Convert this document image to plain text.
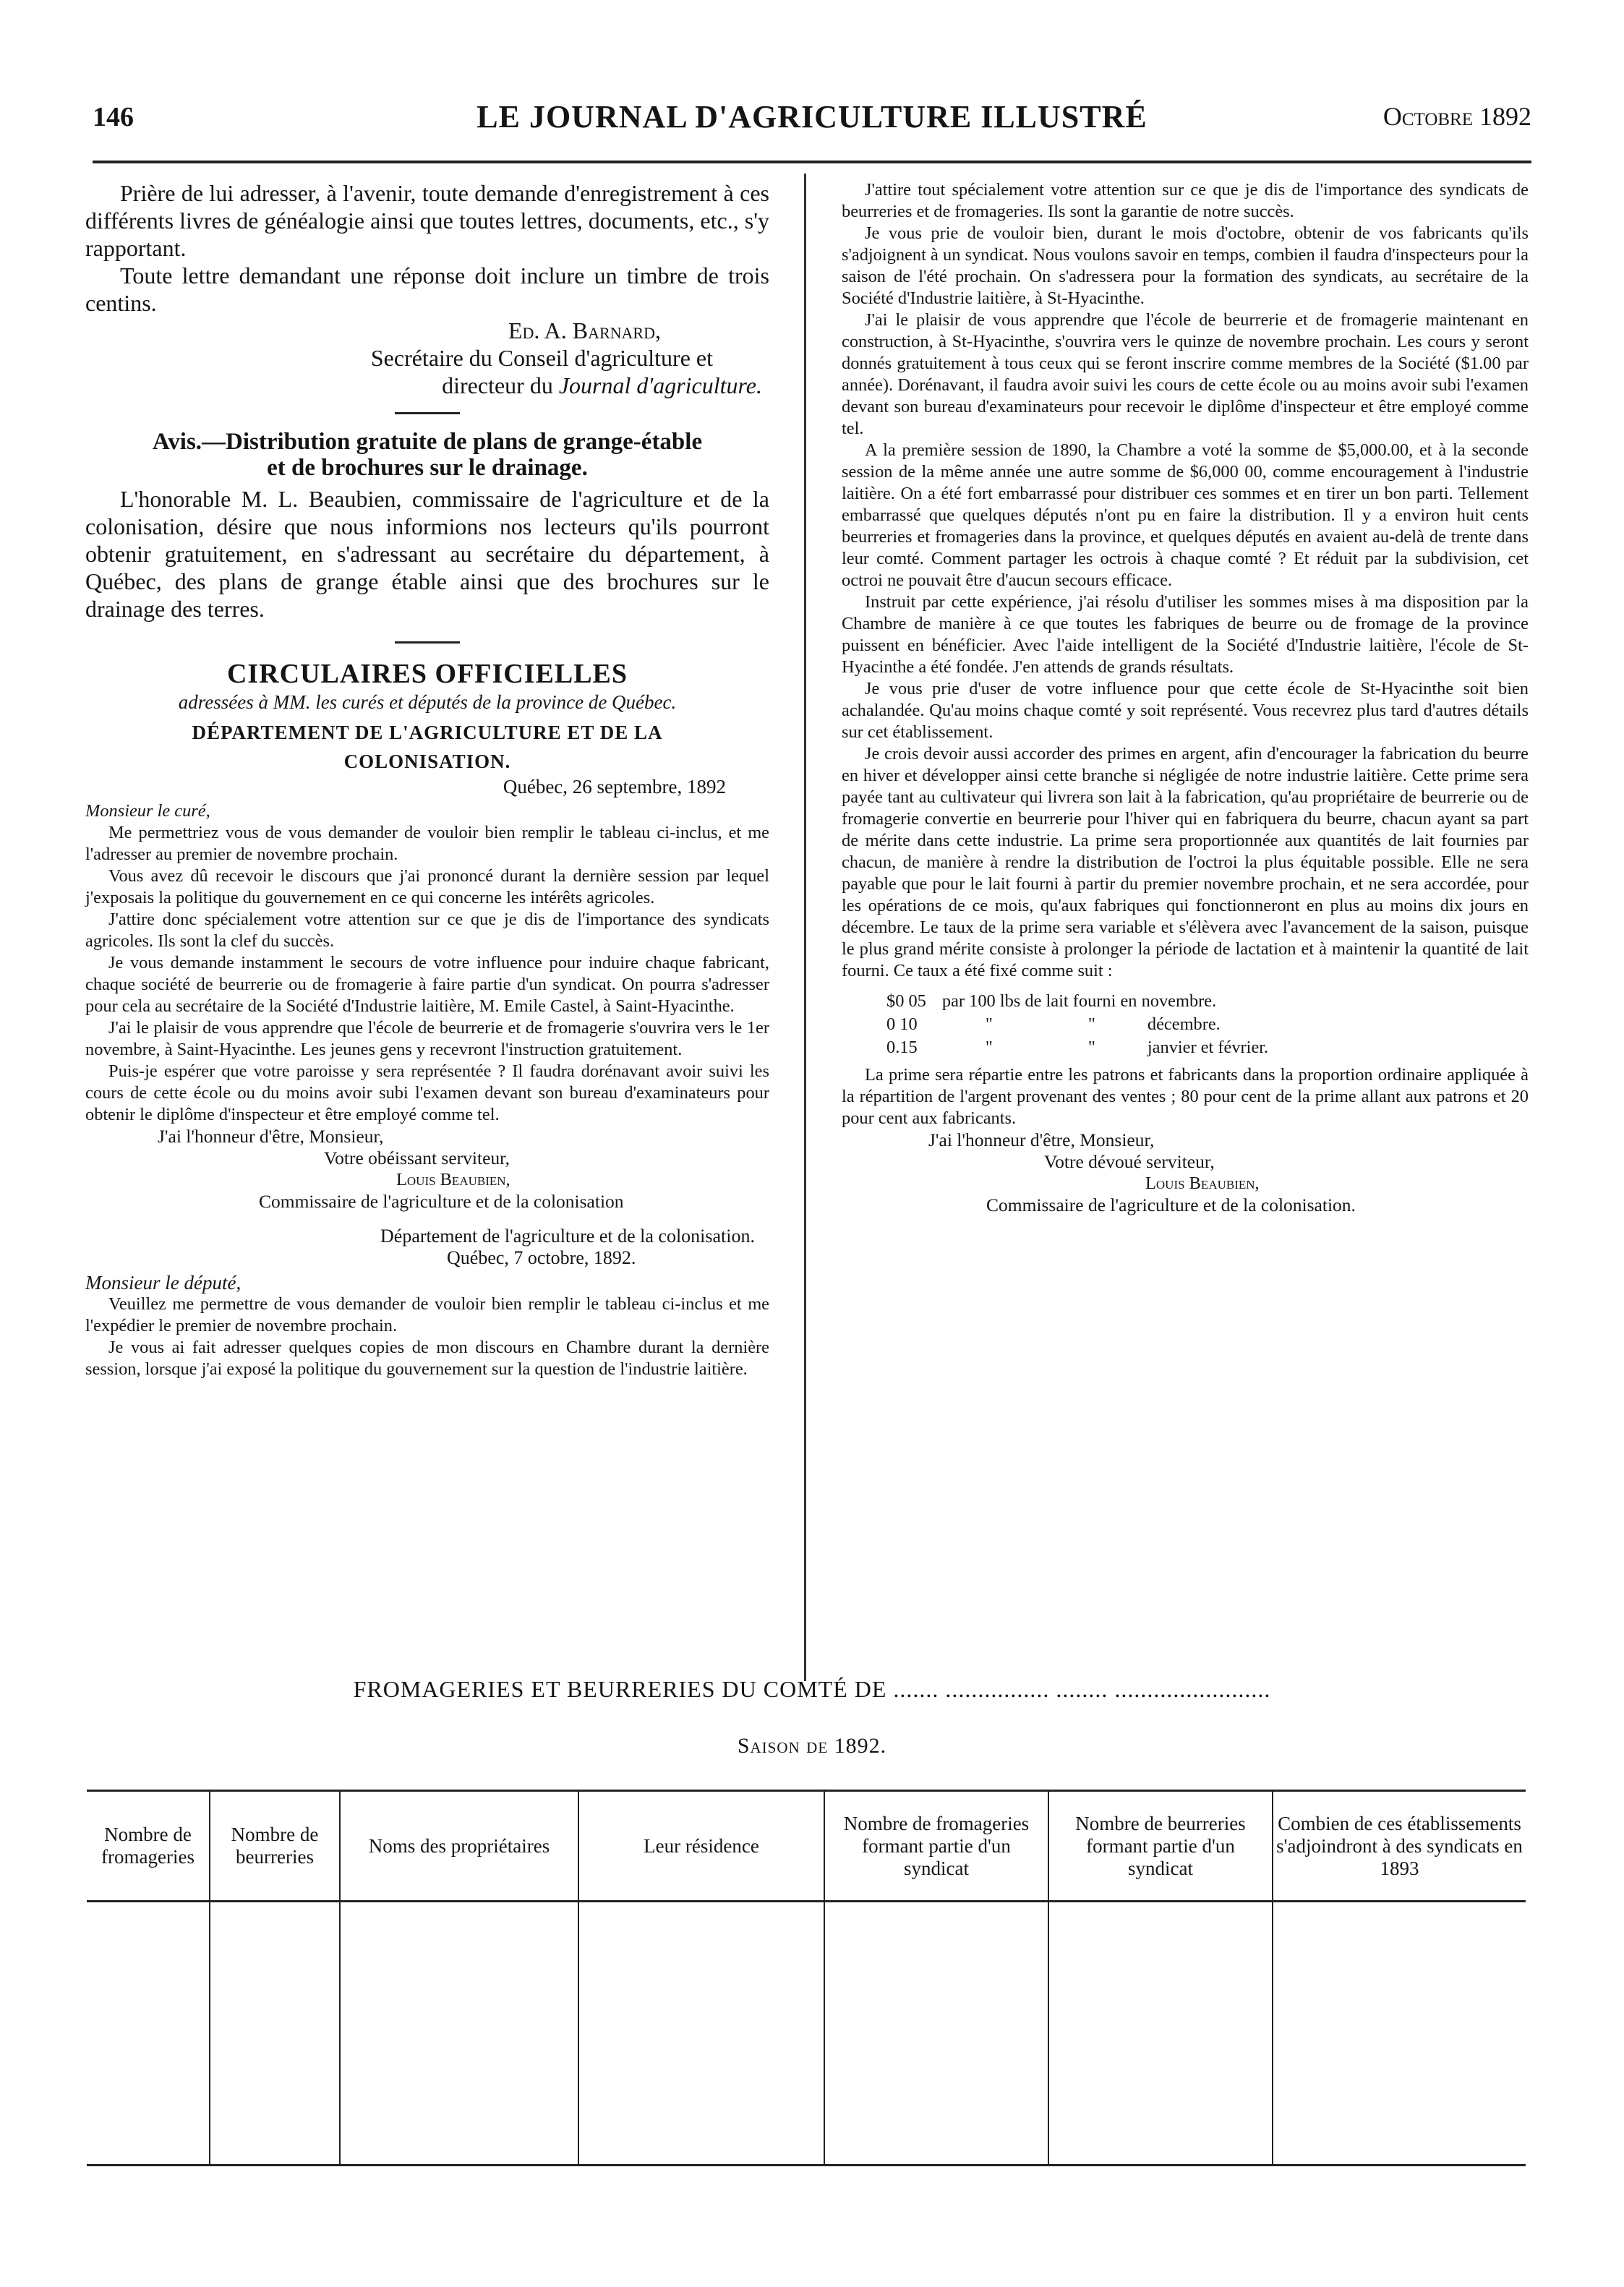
146	LE JOURNAL D'AGRICULTURE ILLUSTRÉ	Octobre 1892

Prière de lui adresser, à l'avenir, toute demande d'enregistrement à ces différents livres de généalogie ainsi que toutes lettres, documents, etc., s'y rapportant.

Toute lettre demandant une réponse doit inclure un timbre de trois centins.

Ed. A. Barnard,

Secrétaire du Conseil d'agriculture et

directeur du Journal d'agriculture.

Avis.—Distribution gratuite de plans de grange-étable
et de brochures sur le drainage.

L'honorable M. L. Beaubien, commissaire de l'agriculture et de la colonisation, désire que nous informions nos lecteurs qu'ils pourront obtenir gratuitement, en s'adressant au secrétaire du département, à Québec, des plans de grange étable ainsi que des brochures sur le drainage des terres.

CIRCULAIRES OFFICIELLES
adressées à MM. les curés et députés de la province de Québec.
DÉPARTEMENT DE L'AGRICULTURE ET DE LA
COLONISATION.

Québec, 26 septembre, 1892

Monsieur le curé,

Me permettriez vous de vous demander de vouloir bien remplir le tableau ci-inclus, et me l'adresser au premier de novembre prochain.

Vous avez dû recevoir le discours que j'ai prononcé durant la dernière session par lequel j'exposais la politique du gouvernement en ce qui concerne les intérêts agricoles.

J'attire donc spécialement votre attention sur ce que je dis de l'importance des syndicats agricoles. Ils sont la clef du succès.

Je vous demande instamment le secours de votre influence pour induire chaque fabricant, chaque société de beurrerie ou de fromagerie à faire partie d'un syndicat. On pourra s'adresser pour cela au secrétaire de la Société d'Industrie laitière, M. Emile Castel, à Saint-Hyacinthe.

J'ai le plaisir de vous apprendre que l'école de beurrerie et de fromagerie s'ouvrira vers le 1er novembre, à Saint-Hyacinthe. Les jeunes gens y recevront l'instruction gratuitement.

Puis-je espérer que votre paroisse y sera représentée ? Il faudra dorénavant avoir suivi les cours de cette école ou du moins avoir subi l'examen devant son bureau d'examinateurs pour obtenir le diplôme d'inspecteur et être employé comme tel.

J'ai l'honneur d'être, Monsieur,

Votre obéissant serviteur,

Louis Beaubien,

Commissaire de l'agriculture et de la colonisation

Département de l'agriculture et de la colonisation.

Québec, 7 octobre, 1892.

Monsieur le député,

Veuillez me permettre de vous demander de vouloir bien remplir le tableau ci-inclus et me l'expédier le premier de novembre prochain.

Je vous ai fait adresser quelques copies de mon discours en Chambre durant la dernière session, lorsque j'ai exposé la politique du gouvernement sur la question de l'industrie laitière.

J'attire tout spécialement votre attention sur ce que je dis de l'importance des syndicats de beurreries et de fromageries. Ils sont la garantie de notre succès.

Je vous prie de vouloir bien, durant le mois d'octobre, obtenir de vos fabricants qu'ils s'adjoignent à un syndicat. Nous voulons savoir en temps, combien il faudra d'inspecteurs pour la saison de l'été prochain. On s'adressera pour la formation des syndicats, au secrétaire de la Société d'Industrie laitière, à St-Hyacinthe.

J'ai le plaisir de vous apprendre que l'école de beurrerie et de fromagerie maintenant en construction, à St-Hyacinthe, s'ouvrira vers le quinze de novembre prochain. Les cours y seront donnés gratuitement à tous ceux qui se feront inscrire comme membres de la Société ($1.00 par année). Dorénavant, il faudra avoir suivi les cours de cette école ou au moins avoir subi l'examen devant son bureau d'examinateurs pour recevoir le diplôme d'inspecteur et être employé comme tel.

A la première session de 1890, la Chambre a voté la somme de $5,000.00, et à la seconde session de la même année une autre somme de $6,000 00, comme encouragement à l'industrie laitière. On a été fort embarrassé pour distribuer ces sommes et en tirer un bon parti. Tellement embarrassé que quelques députés n'ont pu en faire la distribution. Il y a environ huit cents beurreries et fromageries dans la province, et quelques députés en avaient au-delà de trente dans leur comté. Comment partager les octrois à chaque comté ? Et réduit par la subdivision, cet octroi ne pouvait être d'aucun secours efficace.

Instruit par cette expérience, j'ai résolu d'utiliser les sommes mises à ma disposition par la Chambre de manière à ce que toutes les fabriques de beurre ou de fromage de la province puissent en bénéficier. Avec l'aide intelligent de la Société d'Industrie laitière, l'école de St-Hyacinthe a été fondée. J'en attends de grands résultats.

Je vous prie d'user de votre influence pour que cette école de St-Hyacinthe soit bien achalandée. Qu'au moins chaque comté y soit représenté. Vous recevrez plus tard d'autres détails sur cet établissement.

Je crois devoir aussi accorder des primes en argent, afin d'encourager la fabrication du beurre en hiver et développer ainsi cette branche si négligée de notre industrie laitière. Cette prime sera payée tant au cultivateur qui livrera son lait à la fabrication, qu'au propriétaire de beurrerie ou de fromagerie convertie en beurrerie pour l'hiver qui en fabriquera du beurre, chacun ayant sa part de mérite dans cette industrie. La prime sera proportionnée aux quantités de lait fournies par chacun, de manière à rendre la distribution de l'octroi la plus équitable possible. Elle ne sera payable que pour le lait fourni à partir du premier novembre prochain, et ne sera accordée, pour les opérations de ce mois, qu'aux fabriques qui fonctionneront en plus au moins dix jours en décembre. Le taux de la prime sera variable et s'élèvera avec l'avancement de la saison, puisque le plus grand mérite consiste à prolonger la période de lactation et à maintenir la quantité de lait fourni. Ce taux a été fixé comme suit :

$0 05	par 100 lbs de lait fourni en novembre.		
0 10	"	"	décembre.
0.15	"	"	janvier et février.

La prime sera répartie entre les patrons et fabricants dans la proportion ordinaire appliquée à la répartition de l'argent provenant des ventes ; 80 pour cent de la prime allant aux patrons et 20 pour cent aux fabricants.

J'ai l'honneur d'être, Monsieur,

Votre dévoué serviteur,

Louis Beaubien,

Commissaire de l'agriculture et de la colonisation.

FROMAGERIES ET BEURRERIES DU COMTÉ DE ....... ................ ........ ........................
Saison de 1892.
Nombre de fromageries	Nombre de beurreries	Noms des propriétaires	Leur résidence	Nombre de fromageries formant partie d'un syndicat	Nombre de beurreries formant partie d'un syndicat	Combien de ces établissements s'adjoindront à des syndicats en 1893
